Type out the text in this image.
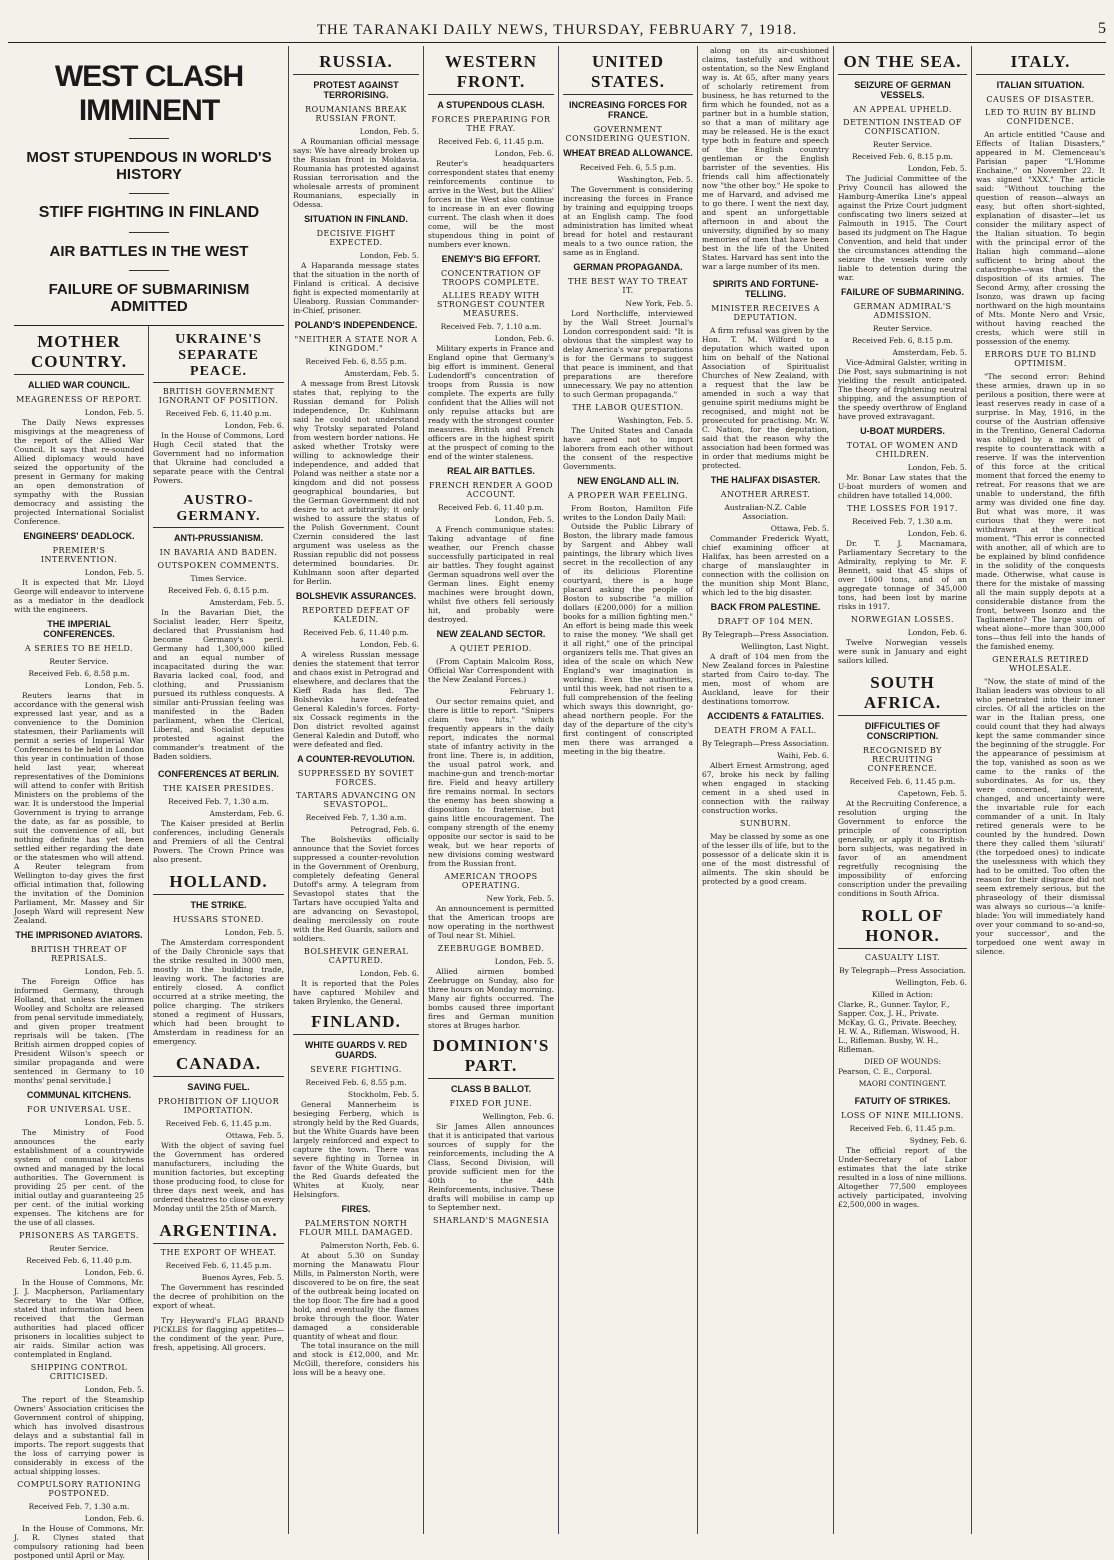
THE TARANAKI DAILY NEWS, THURSDAY, FEBRUARY 7, 1918.	5
WEST CLASH IMMINENT
MOST STUPENDOUS IN WORLD'S HISTORY
STIFF FIGHTING IN FINLAND
AIR BATTLES IN THE WEST
FAILURE OF SUBMARINISM ADMITTED
MOTHER COUNTRY.
ALLIED WAR COUNCIL.
MEAGRENESS OF REPORT.
London, Feb. 5.

The Daily News expresses misgivings at the meagreness of the report of the Allied War Council. It says that re-sounded Allied diplomacy would have seized the opportunity of the present in Germany for making an open demonstration of sympathy with the Russian democracy and assisting the projected International Socialist Conference.

ENGINEERS' DEADLOCK.
PREMIER'S INTERVENTION.
London, Feb. 5.

It is expected that Mr. Lloyd George will endeavor to intervene as a mediator in the deadlock with the engineers.

THE IMPERIAL CONFERENCES.
A SERIES TO BE HELD.
Reuter Service.
Received Feb. 6, 8.58 p.m.
London, Feb. 5.

Reuters learns that in accordance with the general wish expressed last year, and as a convenience to the Dominion statesmen, their Parliaments will permit a series of Imperial War Conferences to be held in London this year in continuation of those held last year, whereat representatives of the Dominions will attend to confer with British Ministers on the problems of the war. It is understood the Imperial Government is trying to arrange the date, as far as possible, to suit the convenience of all, but nothing definite has yet been settled either regarding the date or the statesmen who will attend. A Reuter telegram from Wellington to-day gives the first official intimation that, following the invitation of the Dominion Parliament, Mr. Massey and Sir Joseph Ward will represent New Zealand.

THE IMPRISONED AVIATORS.
BRITISH THREAT OF REPRISALS.
London, Feb. 5.

The Foreign Office has informed Germany, through Holland, that unless the airmen Woolley and Scholtz are released from penal servitude immediately, and given proper treatment reprisals will be taken. [The British airmen dropped copies of President Wilson's speech or similar propaganda and were sentenced in Germany to 10 months' penal servitude.]

COMMUNAL KITCHENS.
FOR UNIVERSAL USE.
London, Feb. 5.

The Ministry of Food announces the early establishment of a countrywide system of communal kitchens owned and managed by the local authorities. The Government is providing 25 per cent. of the initial outlay and guaranteeing 25 per cent. of the initial working expenses. The kitchens are for the use of all classes.

PRISONERS AS TARGETS.
Reuter Service.
Received Feb. 6, 11.40 p.m.
London, Feb. 6.

In the House of Commons, Mr. J. J. Macpherson, Parliamentary Secretary to the War Office, stated that information had been received that the German authorities had placed officer prisoners in localities subject to air raids. Similar action was contemplated in England.

SHIPPING CONTROL CRITICISED.
London, Feb. 5.

The report of the Steamship Owners' Association criticises the Government control of shipping, which has involved disastrous delays and a substantial fall in imports. The report suggests that the loss of carrying power is considerably in excess of the actual shipping losses.

COMPULSORY RATIONING POSTPONED.
Received Feb. 7, 1.30 a.m.
London, Feb. 6.

In the House of Commons, Mr. J. R. Clynes stated that compulsory rationing had been postponed until April or May.

UKRAINE'S SEPARATE PEACE.
BRITISH GOVERNMENT IGNORANT OF POSITION.
Received Feb. 6, 11.40 p.m.
London, Feb. 6.

In the House of Commons, Lord Hugh Cecil stated that the Government had no information that Ukraine had concluded a separate peace with the Central Powers.

AUSTRO-GERMANY.
ANTI-PRUSSIANISM.
IN BAVARIA AND BADEN.
OUTSPOKEN COMMENTS.
Times Service.
Received Feb. 6, 8.15 p.m.
Amsterdam, Feb. 5.

In the Bavarian Diet, the Socialist leader, Herr Speitz, declared that Prussianism had become Germany's peril. Germany had 1,300,000 killed and an equal number of incapacitated during the war. Bavaria lacked coal, food, and clothing, and Prussianism pursued its ruthless conquests. A similar anti-Prussian feeling was manifested in the Baden parliament, when the Clerical, Liberal, and Socialist deputies protested against the commander's treatment of the Baden soldiers.

CONFERENCES AT BERLIN.
THE KAISER PRESIDES.
Received Feb. 7, 1.30 a.m.
Amsterdam, Feb. 6.

The Kaiser presided at Berlin conferences, including Generals and Premiers of all the Central Powers. The Crown Prince was also present.

HOLLAND.
THE STRIKE.
HUSSARS STONED.
London, Feb. 5.

The Amsterdam correspondent of the Daily Chronicle says that the strike resulted in 3000 men, mostly in the building trade, leaving work. The factories are entirely closed. A conflict occurred at a strike meeting, the police charging. The strikers stoned a regiment of Hussars, which had been brought to Amsterdam in readiness for an emergency.

CANADA.
SAVING FUEL.
PROHIBITION OF LIQUOR IMPORTATION.
Received Feb. 6, 11.45 p.m.
Ottawa, Feb. 5.

With the object of saving fuel the Government has ordered manufacturers, including the munition factories, but excepting those producing food, to close for three days next week, and has ordered theatres to close on every Monday until the 25th of March.

ARGENTINA.
THE EXPORT OF WHEAT.
Received Feb. 6, 11.45 p.m.
Buenos Ayres, Feb. 5.

The Government has rescinded the decree of prohibition on the export of wheat.

Try Heyward's FLAG BRAND PICKLES for flagging appetites—the condiment of the year. Pure, fresh, appetising. All grocers.

RUSSIA.
PROTEST AGAINST TERRORISING.
ROUMANIANS BREAK RUSSIAN FRONT.
London, Feb. 5.

A Roumanian official message says: We have already broken up the Russian front in Moldavia. Roumania has protested against Russian terrorisation and the wholesale arrests of prominent Roumanians, especially in Odessa.

SITUATION IN FINLAND.
DECISIVE FIGHT EXPECTED.
London, Feb. 5.

A Haparanda message states that the situation in the north of Finland is critical. A decisive fight is expected momentarily at Uleaborg. Russian Commander-in-Chief, prisoner.

POLAND'S INDEPENDENCE.
"NEITHER A STATE NOR A KINGDOM."
Received Feb. 6, 8.55 p.m.
Amsterdam, Feb. 5.

A message from Brest Litovsk states that, replying to the Russian demand for Polish independence, Dr. Kuhlmann said he could not understand why Trotsky separated Poland from western border nations. He asked whether Trotsky were willing to acknowledge their independence, and added that Poland was neither a state nor a kingdom and did not possess geographical boundaries, but the German Government did not desire to act arbitrarily; it only wished to assure the status of the Polish Government. Count Czernin considered the last argument was useless as the Russian republic did not possess determined boundaries. Dr. Kuhlmann soon after departed for Berlin.

BOLSHEVIK ASSURANCES.
REPORTED DEFEAT OF KALEDIN.
Received Feb. 6, 11.40 p.m.
London, Feb. 6.

A wireless Russian message denies the statement that terror and chaos exist in Petrograd and elsewhere, and declares that the Kieff Rada has fled. The Bolsheviks have defeated General Kaledin's forces. Forty-six Cossack regiments in the Don district revolted against General Kaledin and Dutoff, who were defeated and fled.

A COUNTER-REVOLUTION.
SUPPRESSED BY SOVIET FORCES.
TARTARS ADVANCING ON SEVASTOPOL.
Received Feb. 7, 1.30 a.m.
Petrograd, Feb. 6.

The Bolsheviks officially announce that the Soviet forces suppressed a counter-revolution in the Government of Orenburg, completely defeating General Dutoff's army. A telegram from Sevastopol states that the Tartars have occupied Yalta and are advancing on Sevastopol, dealing mercilessly on route with the Red Guards, sailors and soldiers.

BOLSHEVIK GENERAL CAPTURED.
London, Feb. 6.

It is reported that the Poles have captured Mohilev and taken Brylenko, the General.

FINLAND.
WHITE GUARDS V. RED GUARDS.
SEVERE FIGHTING.
Received Feb. 6, 8.55 p.m.
Stockholm, Feb. 5.

General Mannerheim is besieging Ferberg, which is strongly held by the Red Guards, but the White Guards have been largely reinforced and expect to capture the town. There was severe fighting in Tornea in favor of the White Guards, but the Red Guards defeated the Whites at Kuoly, near Helsingfors.

FIRES.
PALMERSTON NORTH FLOUR MILL DAMAGED.
Palmerston North, Feb. 6.

At about 5.30 on Sunday morning the Manawatu Flour Mills, in Palmerston North, were discovered to be on fire, the seat of the outbreak being located on the top floor. The fire had a good hold, and eventually the flames broke through the floor. Water damaged a considerable quantity of wheat and flour.

The total insurance on the mill and stock is £12,000, and Mr. McGill, therefore, considers his loss will be a heavy one.

WESTERN FRONT.
A STUPENDOUS CLASH.
FORCES PREPARING FOR THE FRAY.
Received Feb. 6, 11.45 p.m.
London, Feb. 6.

Reuter's headquarters correspondent states that enemy reinforcements continue to arrive in the West, but the Allies' forces in the West also continue to increase in an ever flowing current. The clash when it does come, will be the most stupendous thing in point of numbers ever known.

ENEMY'S BIG EFFORT.
CONCENTRATION OF TROOPS COMPLETE.
ALLIES READY WITH STRONGEST COUNTER MEASURES.
Received Feb. 7, 1.10 a.m.
London, Feb. 6.

Military experts in France and England opine that Germany's big effort is imminent. General Ludendorff's concentration of troops from Russia is now complete. The experts are fully confident that the Allies will not only repulse attacks but are ready with the strongest counter measures. British and French officers are in the highest spirit at the prospect of coming to the end of the winter staleness.

REAL AIR BATTLES.
FRENCH RENDER A GOOD ACCOUNT.
Received Feb. 6, 11.40 p.m.
London, Feb. 5.

A French communique states: Taking advantage of fine weather, our French chasse successfully participated in real air battles. They fought against German squadrons well over the German lines. Eight enemy machines were brought down, whilst five others fell seriously hit, and probably were destroyed.

NEW ZEALAND SECTOR.
A QUIET PERIOD.

(From Captain Malcolm Ross, Official War Correspondent with the New Zealand Forces.)

February 1.

Our sector remains quiet, and there is little to report. "Snipers claim two hits," which frequently appears in the daily report, indicates the normal state of infantry activity in the front line. There is, in addition, the usual patrol work, and machine-gun and trench-mortar fire. Field and heavy artillery fire remains normal. In sectors the enemy has been showing a disposition to fraternise, but gains little encouragement. The company strength of the enemy opposite our sector is said to be weak, but we hear reports of new divisions coming westward from the Russian front.

AMERICAN TROOPS OPERATING.
New York, Feb. 5.

An announcement is permitted that the American troops are now operating in the northwest of Toul near St. Mihiel.

ZEEBRUGGE BOMBED.
London, Feb. 5.

Allied airmen bombed Zeebrugge on Sunday, also for three hours on Monday morning. Many air fights occurred. The bombs caused three important fires and German munition stores at Bruges harbor.

DOMINION'S PART.
CLASS B BALLOT.
FIXED FOR JUNE.
Wellington, Feb. 6.

Sir James Allen announces that it is anticipated that various sources of supply for the reinforcements, including the A Class, Second Division, will provide sufficient men for the 40th to the 44th Reinforcements, inclusive. These drafts will mobilise in camp up to September next.

SHARLAND'S MAGNESIA
UNITED STATES.
INCREASING FORCES FOR FRANCE.
GOVERNMENT CONSIDERING QUESTION.
WHEAT BREAD ALLOWANCE.
Received Feb. 6, 5.5 p.m.
Washington, Feb. 5.

The Government is considering increasing the forces in France by training and equipping troops at an English camp. The food administration has limited wheat bread for hotel and restaurant meals to a two ounce ration, the same as in England.

GERMAN PROPAGANDA.
THE BEST WAY TO TREAT IT.
New York, Feb. 5.

Lord Northcliffe, interviewed by the Wall Street Journal's London correspondent said: "It is obvious that the simplest way to delay America's war preparations is for the Germans to suggest that peace is imminent, and that preparations are therefore unnecessary. We pay no attention to such German propaganda."

THE LABOR QUESTION.
Washington, Feb. 5.

The United States and Canada have agreed not to import laborers from each other without the consent of the respective Governments.

NEW ENGLAND ALL IN.
A PROPER WAR FEELING.

From Boston, Hamilton Fife writes to the London Daily Mail:

Outside the Public Library of Boston, the library made famous by Sargent and Abbey wall paintings, the library which lives secret in the recollection of any of its delicious Florentine courtyard, there is a huge placard asking the people of Boston to subscribe "a million dollars (£200,000) for a million books for a million fighting men." An effort is being made this week to raise the money. "We shall get it all right," one of the principal organizers tells me. That gives an idea of the scale on which New England's war imagination is working. Even the authorities, until this week, had not risen to a full comprehension of the feeling which sways this downright, go-ahead northern people. For the day of the departure of the city's first contingent of conscripted men there was arranged a meeting in the big theatre.

along on its air-cushioned claims, tastefully and without ostentation, so the New England way is. At 65, after many years of scholarly retirement from business, he has returned to the firm which he founded, not as a partner but in a humble station, so that a man of military age may be released. He is the exact type both in feature and speech of the English country gentleman or the English barrister of the seventies. His friends call him affectionately now "the other boy." He spoke to me of Harvard, and advised me to go there. I went the next day, and spent an unforgettable afternoon in and about the university, dignified by so many memories of men that have been best in the life of the United States. Harvard has sent into the war a large number of its men.

SPIRITS AND FORTUNE-TELLING.
MINISTER RECEIVES A DEPUTATION.

A firm refusal was given by the Hon. T. M. Wilford to a deputation which waited upon him on behalf of the National Association of Spiritualist Churches of New Zealand, with a request that the law be amended in such a way that genuine spirit mediums might be recognised, and might not be prosecuted for practising. Mr. W. C. Nation, for the deputation, said that the reason why the association had been formed was in order that mediums might be protected.

THE HALIFAX DISASTER.
ANOTHER ARREST.
Australian-N.Z. Cable Association.
Ottawa, Feb. 5.

Commander Frederick Wyatt, chief examining officer at Halifax, has been arrested on a charge of manslaughter in connection with the collision on the munition ship Mont Blanc, which led to the big disaster.

BACK FROM PALESTINE.
DRAFT OF 104 MEN.
By Telegraph—Press Association.
Wellington, Last Night.

A draft of 104 men from the New Zealand forces in Palestine started from Cairo to-day. The men, most of whom are Auckland, leave for their destinations tomorrow.

ACCIDENTS & FATALITIES.
DEATH FROM A FALL.
By Telegraph—Press Association.
Waihi, Feb. 6.

Albert Ernest Armstrong, aged 67, broke his neck by falling when engaged in stacking cement in a shed used in connection with the railway construction works.

SUNBURN.

May be classed by some as one of the lesser ills of life, but to the possessor of a delicate skin it is one of the most distressful of ailments. The skin should be protected by a good cream.

ON THE SEA.
SEIZURE OF GERMAN VESSELS.
AN APPEAL UPHELD.
DETENTION INSTEAD OF CONFISCATION.
Reuter Service.
Received Feb. 6, 8.15 p.m.
London, Feb. 5.

The Judicial Committee of the Privy Council has allowed the Hamburg-Amerika Line's appeal against the Prize Court judgment confiscating two liners seized at Falmouth in 1915. The Court based its judgment on The Hague Convention, and held that under the circumstances attending the seizure the vessels were only liable to detention during the war.

FAILURE OF SUBMARINING.
GERMAN ADMIRAL'S ADMISSION.
Reuter Service.
Received Feb. 6, 8.15 p.m.
Amsterdam, Feb. 5.

Vice-Admiral Galster, writing in Die Post, says submarining is not yielding the result anticipated. The theory of frightening neutral shipping, and the assumption of the speedy overthrow of England have proved extravagant.

U-BOAT MURDERS.
TOTAL OF WOMEN AND CHILDREN.
London, Feb. 5.

Mr. Bonar Law states that the U-boat murders of women and children have totalled 14,000.

THE LOSSES FOR 1917.
Received Feb. 7, 1.30 a.m.
London, Feb. 6.

Dr. T. J. Macnamara, Parliamentary Secretary to the Admiralty, replying to Mr. F. Bennett, said that 45 ships of over 1600 tons, and of an aggregate tonnage of 345,000 tons, had been lost by marine risks in 1917.

NORWEGIAN LOSSES.
London, Feb. 6.

Twelve Norwegian vessels were sunk in January and eight sailors killed.

SOUTH AFRICA.
DIFFICULTIES OF CONSCRIPTION.
RECOGNISED BY RECRUITING CONFERENCE.
Received Feb. 6, 11.45 p.m.
Capetown, Feb. 5.

At the Recruiting Conference, a resolution urging the Government to enforce the principle of conscription generally, or apply it to British-born subjects, was negatived in favor of an amendment regretfully recognising the impossibility of enforcing conscription under the prevailing conditions in South Africa.

ROLL OF HONOR.
CASUALTY LIST.
By Telegraph—Press Association.
Wellington, Feb. 6.
Killed in Action:

Clarke, R., Gunner. Taylor, F., Sapper. Cox, J. H., Private. McKay, G. G., Private. Beechey, H. W. A., Rifleman. Wiswood, H. L., Rifleman. Busby, W. H., Rifleman.

DIED OF WOUNDS:

Pearson, C. E., Corporal.

MAORI CONTINGENT.
FATUITY OF STRIKES.
LOSS OF NINE MILLIONS.
Received Feb. 6, 11.45 p.m.
Sydney, Feb. 6.

The official report of the Under-Secretary of Labor estimates that the late strike resulted in a loss of nine millions. Altogether 77,500 employees actively participated, involving £2,500,000 in wages.

ITALY.
ITALIAN SITUATION.
CAUSES OF DISASTER.
LED TO RUIN BY BLIND CONFIDENCE.

An article entitled "Cause and Effects of Italian Disasters," appeared in M. Clemenceau's Parisian paper "L'Homme Enchaine," on November 22. It was signed "XXX." The article said: "Without touching the question of reason—always an easy, but often short-sighted, explanation of disaster—let us consider the military aspect of the Italian situation. To begin with the principal error of the Italian high command—alone sufficient to bring about the catastrophe—was that of the disposition of its armies. The Second Army, after crossing the Isonzo, was drawn up facing northward on the high mountains of Mts. Monte Nero and Vrsic, without having reached the crests, which were still in possession of the enemy.

ERRORS DUE TO BLIND OPTIMISM.

"The second error: Behind these armies, drawn up in so perilous a position, there were at least reserves ready in case of a surprise. In May, 1916, in the course of the Austrian offensive in the Trentino, General Cadorna was obliged by a moment of respite to counterattack with a reserve. If was the intervention of this force at the critical moment that forced the enemy to retreat. For reasons that we are unable to understand, the fifth army was divided one fine day. But what was more, it was curious that they were not withdrawn at the critical moment. "This error is connected with another, all of which are to be explained by blind confidence in the solidity of the conquests made. Otherwise, what cause is there for the mistake of massing all the main supply depots at a considerable distance from the front, between Isonzo and the Tagliamento? The large sum of wheat alone—more than 300,000 tons—thus fell into the hands of the famished enemy.

GENERALS RETIRED WHOLESALE.

"Now, the state of mind of the Italian leaders was obvious to all who penetrated into their inner circles. Of all the articles on the war in the Italian press, one could count that they had always kept the same commander since the beginning of the struggle. For the appearance of pessimism at the top, vanished as soon as we came to the ranks of the subordinates. As for us, they were concerned, incoherent, changed, and uncertainty were the invariable rule for each commander of a unit. In Italy retired generals were to be counted by the hundred. Down there they called them 'silurati' (the torpedoed ones) to indicate the uselessness with which they had to be omitted. Too often the reason for their disgrace did not seem extremely serious, but the phraseology of their dismissal was always so curious—'a knife-blade: You will immediately hand over your command to so-and-so, your successor', and the torpedoed one went away in silence.
